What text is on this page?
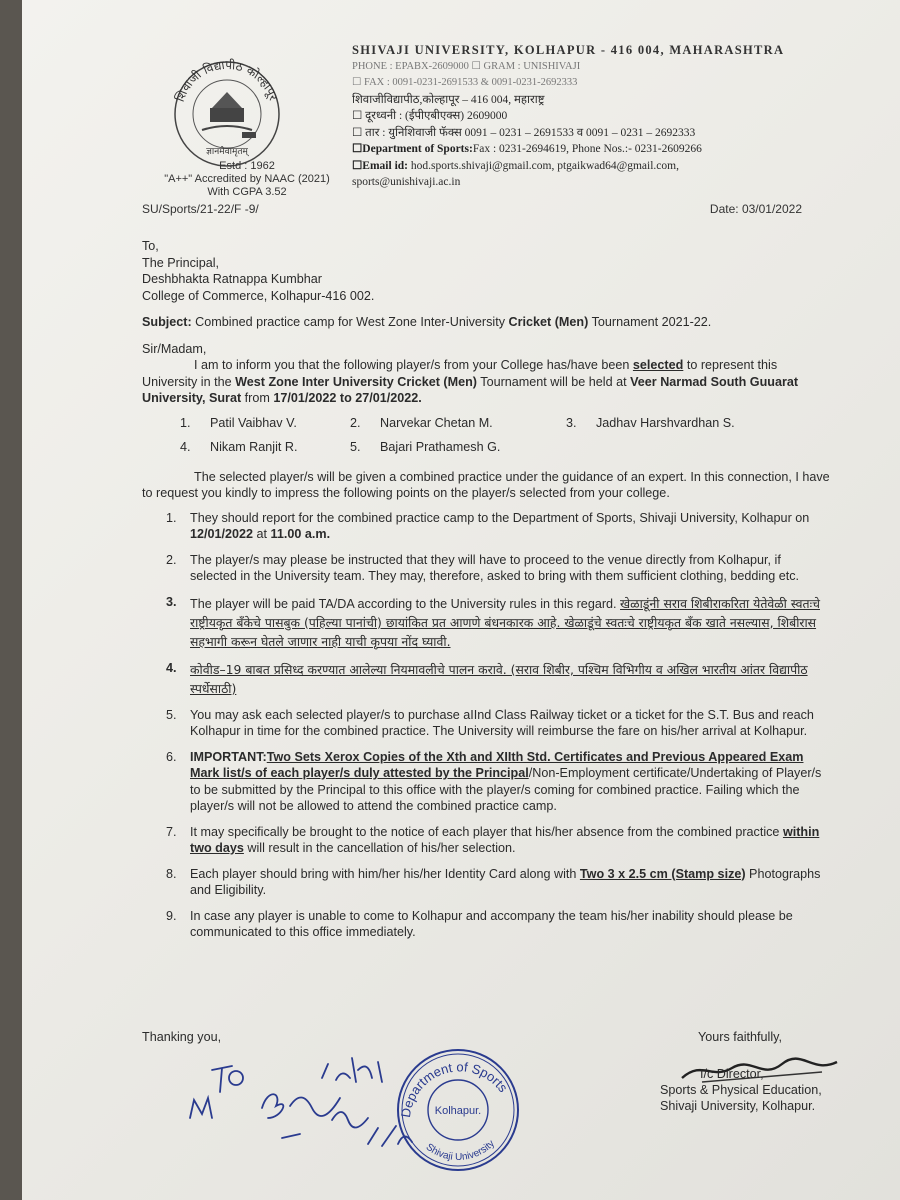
शिवाजी विद्यापीठ कोल्हापूर
ज्ञानमेवामृतम्
Estd : 1962
"A++" Accredited by NAAC (2021)
With CGPA 3.52
SHIVAJI UNIVERSITY, KOLHAPUR - 416 004, MAHARASHTRA
PHONE : EPABX-2609000 ☐ GRAM : UNISHIVAJI
☐ FAX : 0091-0231-2691533 & 0091-0231-2692333
शिवाजीविद्यापीठ,कोल्हापूर – 416 004, महाराष्ट्र
☐ दूरध्वनी : (ईपीएबीएक्स) 2609000
☐ तार : युनिशिवाजी फॅक्स 0091 – 0231 – 2691533 व 0091 – 0231 – 2692333
☐Department of Sports:Fax : 0231-2694619, Phone Nos.:- 0231-2609266
☐Email id: hod.sports.shivaji@gmail.com, ptgaikwad64@gmail.com,
sports@unishivaji.ac.in
SU/Sports/21-22/F -9/	Date: 03/01/2022
To,
The Principal,
Deshbhakta Ratnappa Kumbhar
College of Commerce, Kolhapur-416 002.

Subject: Combined practice camp for West Zone Inter-University Cricket (Men) Tournament 2021-22.

Sir/Madam,

I am to inform you that the following player/s from your College has/have been selected to represent this University in the West Zone Inter University Cricket (Men) Tournament will be held at Veer Narmad South Guuarat University, Surat from 17/01/2022 to 27/01/2022.

1. Patil Vaibhav V.	2. Narvekar Chetan M.	3. Jadhav Harshvardhan S.
4. Nikam Ranjit R.	5. Bajari Prathamesh G.

The selected player/s will be given a combined practice under the guidance of an expert. In this connection, I have to request you kindly to impress the following points on the player/s selected from your college.

1. They should report for the combined practice camp to the Department of Sports, Shivaji University, Kolhapur on 12/01/2022 at 11.00 a.m.
2. The player/s may please be instructed that they will have to proceed to the venue directly from Kolhapur, if selected in the University team. They may, therefore, asked to bring with them sufficient clothing, bedding etc.
3. The player will be paid TA/DA according to the University rules in this regard. खेळाडूंनी सराव शिबीराकरिता येतेवेळी स्वतःचे राष्ट्रीयकृत बँकेचे पासबुक (पहिल्या पानांची) छायांकित प्रत आणणे बंधनकारक आहे. खेळाडूंचे स्वतःचे राष्ट्रीयकृत बँक खाते नसल्यास, शिबीरास सहभागी करून घेतले जाणार नाही याची कृपया नोंद घ्यावी.
4. कोवीड–19 बाबत प्रसिध्द करण्यात आलेल्या नियमावलीचे पालन करावे. (सराव शिबीर, पश्चिम विभिगीय व अखिल भारतीय आंतर विद्यापीठ स्पर्धेसाठी)
5. You may ask each selected player/s to purchase aIInd Class Railway ticket or a ticket for the S.T. Bus and reach Kolhapur in time for the combined practice. The University will reimburse the fare on his/her arrival at Kolhapur.
6. IMPORTANT:Two Sets Xerox Copies of the Xth and XIIth Std. Certificates and Previous Appeared Exam Mark list/s of each player/s duly attested by the Principal/Non-Employment certificate/Undertaking of Player/s to be submitted by the Principal to this office with the player/s coming for combined practice. Failing which the player/s will not be allowed to attend the combined practice camp.
7. It may specifically be brought to the notice of each player that his/her absence from the combined practice within two days will result in the cancellation of his/her selection.
8. Each player should bring with him/her his/her Identity Card along with Two 3 x 2.5 cm (Stamp size) Photographs and Eligibility.
9. In case any player is unable to come to Kolhapur and accompany the team his/her inability should please be communicated to this office immediately.
Thanking you,	Yours faithfully,
I/c Director,
Sports & Physical Education,
Shivaji University, Kolhapur.
Department of Sports
Shivaji University
Kolhapur.
